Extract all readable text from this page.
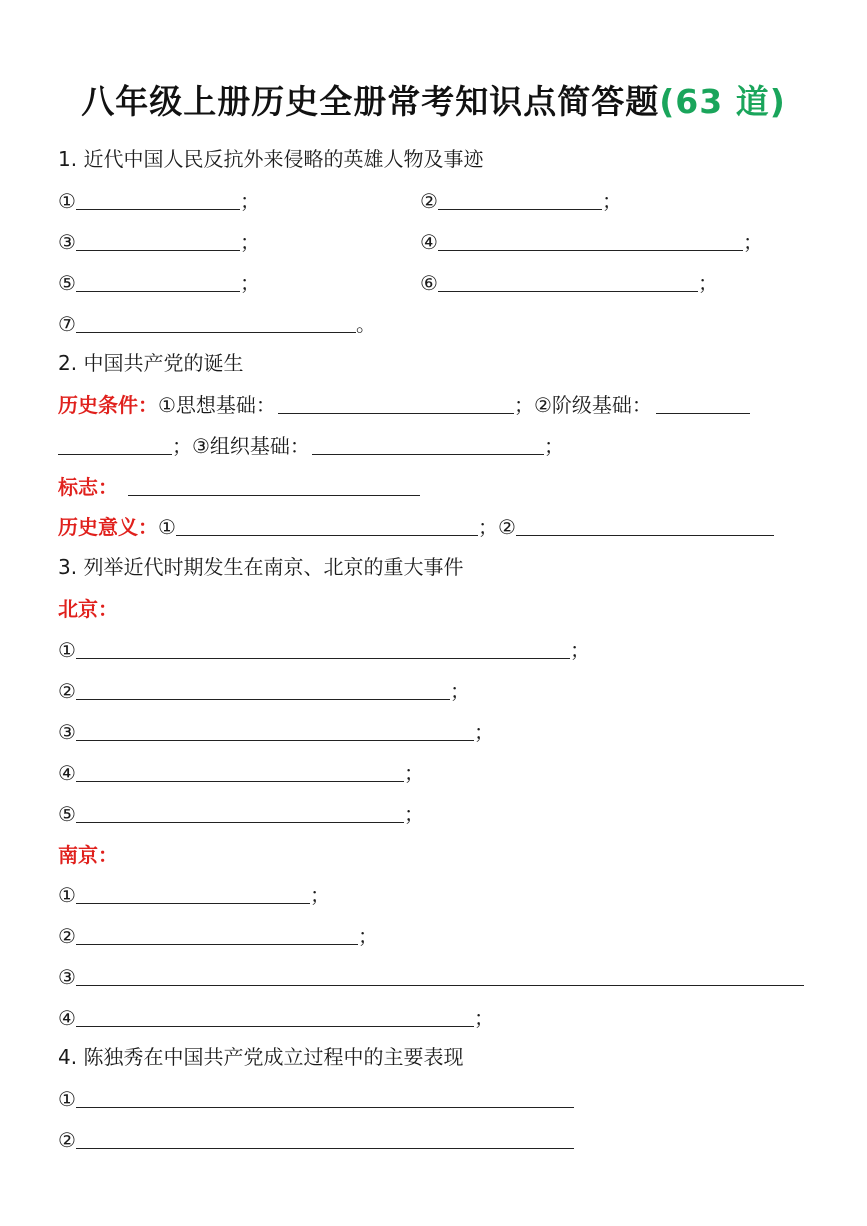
八年级上册历史全册常考知识点简答题(63 道)
1. 近代中国人民反抗外来侵略的英雄人物及事迹
①	；	②	；
③	；	④	；
⑤	；	⑥	；
⑦	。
2. 中国共产党的诞生
历史条件：①思想基础：	；②阶级基础：
；③组织基础：	；
标志：
历史意义：①	；②
3. 列举近代时期发生在南京、北京的重大事件
北京：
①	；
②	；
③	；
④	；
⑤	；
南京：
①	；
②	；
③
④	；
4. 陈独秀在中国共产党成立过程中的主要表现
①
②
